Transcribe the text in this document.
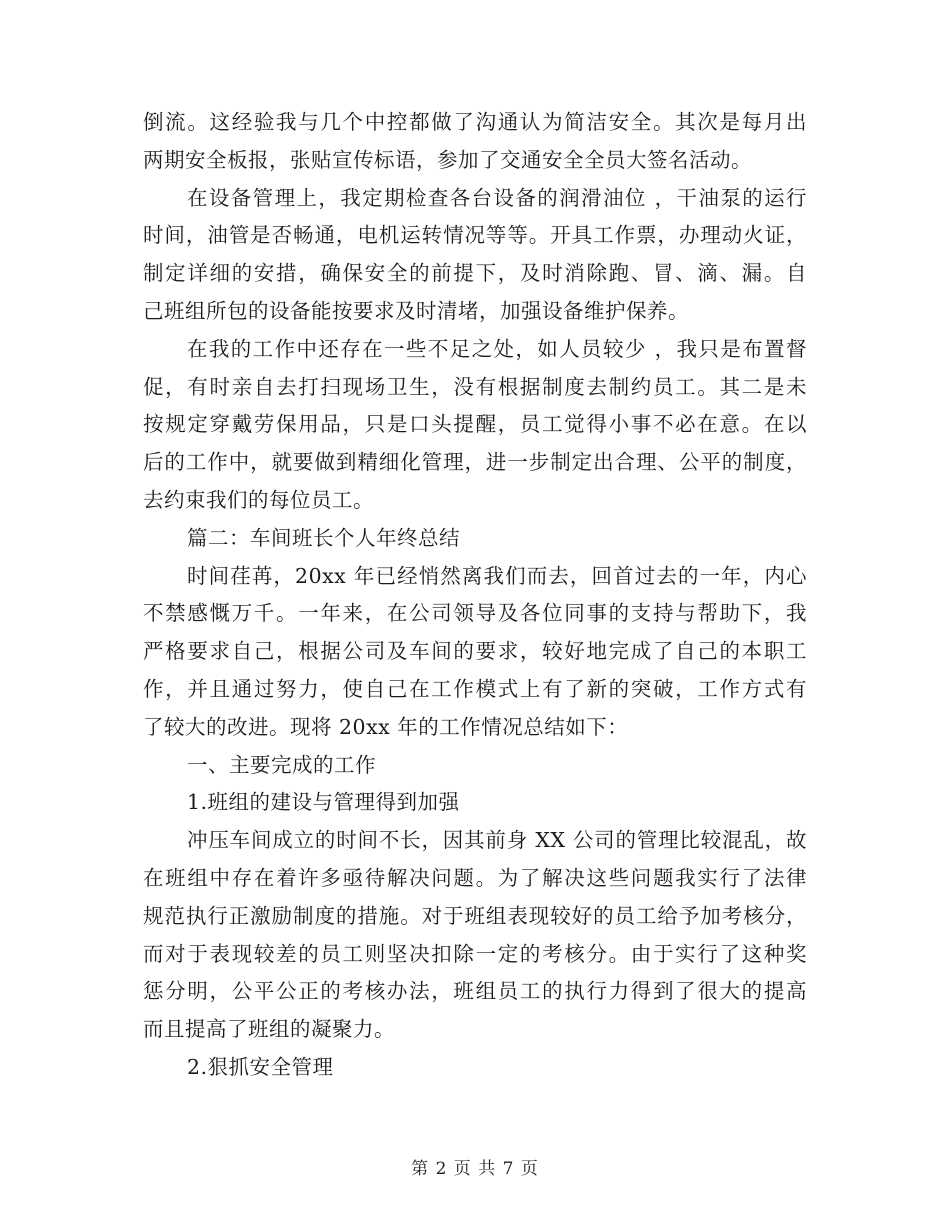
倒流。这经验我与几个中控都做了沟通认为简洁安全。其次是每月出
两期安全板报，张贴宣传标语，参加了交通安全全员大签名活动。

在设备管理上，我定期检查各台设备的润滑油位 ，干油泵的运行
时间，油管是否畅通，电机运转情况等等。开具工作票，办理动火证，
制定详细的安措，确保安全的前提下，及时消除跑、冒、滴、漏。自
己班组所包的设备能按要求及时清堵，加强设备维护保养。

在我的工作中还存在一些不足之处，如人员较少 ，我只是布置督
促，有时亲自去打扫现场卫生，没有根据制度去制约员工。其二是未
按规定穿戴劳保用品，只是口头提醒，员工觉得小事不必在意。在以
后的工作中，就要做到精细化管理，进一步制定出合理、公平的制度，
去约束我们的每位员工。

篇二：车间班长个人年终总结

时间荏苒，20xx 年已经悄然离我们而去，回首过去的一年，内心
不禁感慨万千。一年来，在公司领导及各位同事的支持与帮助下，我
严格要求自己，根据公司及车间的要求，较好地完成了自己的本职工
作，并且通过努力，使自己在工作模式上有了新的突破，工作方式有
了较大的改进。现将 20xx 年的工作情况总结如下：

一、主要完成的工作

1.班组的建设与管理得到加强

冲压车间成立的时间不长，因其前身 XX 公司的管理比较混乱，故
在班组中存在着许多亟待解决问题。为了解决这些问题我实行了法律
规范执行正激励制度的措施。对于班组表现较好的员工给予加考核分，
而对于表现较差的员工则坚决扣除一定的考核分。由于实行了这种奖
惩分明，公平公正的考核办法，班组员工的执行力得到了很大的提高
而且提高了班组的凝聚力。

2.狠抓安全管理

第 2 页 共 7 页
